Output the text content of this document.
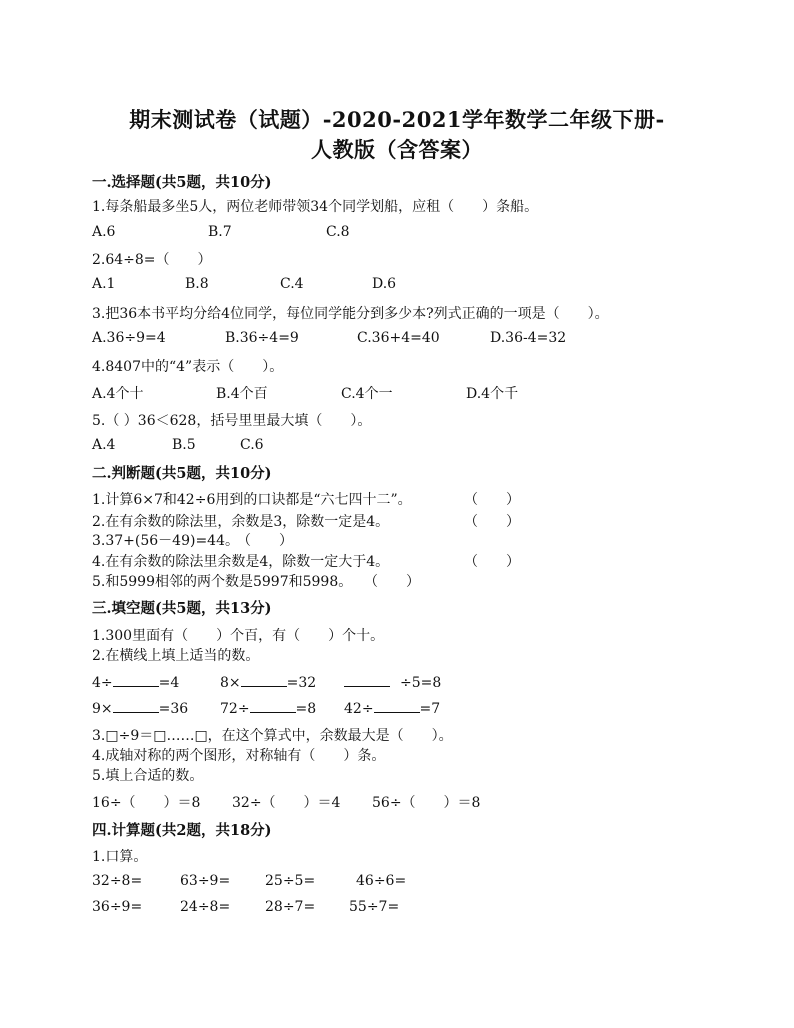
期末测试卷（试题）-2020-2021学年数学二年级下册-
人教版（含答案）
一.选择题(共5题，共10分)
1.每条船最多坐5人，两位老师带领34个同学划船，应租（　　）条船。
A.6	B.7	C.8
2.64÷8=（　　）
A.1	B.8	C.4	D.6
3.把36本书平均分给4位同学，每位同学能分到多少本?列式正确的一项是（　　）。
A.36÷9=4	B.36÷4=9	C.36+4=40	D.36-4=32
4.8407中的“4”表示（　　）。
A.4个十	B.4个百	C.4个一	D.4个千
5.（ ）36＜628，括号里里最大填（　　）。
A.4	B.5	C.6
二.判断题(共5题，共10分)
1.计算6×7和42÷6用到的口诀都是“六七四十二”。	（　　）
2.在有余数的除法里，余数是3，除数一定是4。	（　　）
3.37+(56－49)=44。
（　　）
4.在有余数的除法里余数是4，除数一定大于4。	（　　）
5.和5999相邻的两个数是5997和5998。 （　　）
三.填空题(共5题，共13分)
1.300里面有（　　）个百，有（　　）个十。
2.在横线上填上适当的数。
4÷	=4	8×	=32	÷5=8
9×	=36 72÷	=8 42÷	=7
3.□÷9＝□……□，在这个算式中，余数最大是（　　）。
4.成轴对称的两个图形，对称轴有（　　）条。
5.填上合适的数。
16÷（　　）＝8 32÷（　　）＝4 56÷（　　）＝8
四.计算题(共2题，共18分)
1.口算。
32÷8=	63÷9= 25÷5=	46÷6=
36÷9=	24÷8= 28÷7= 55÷7=
